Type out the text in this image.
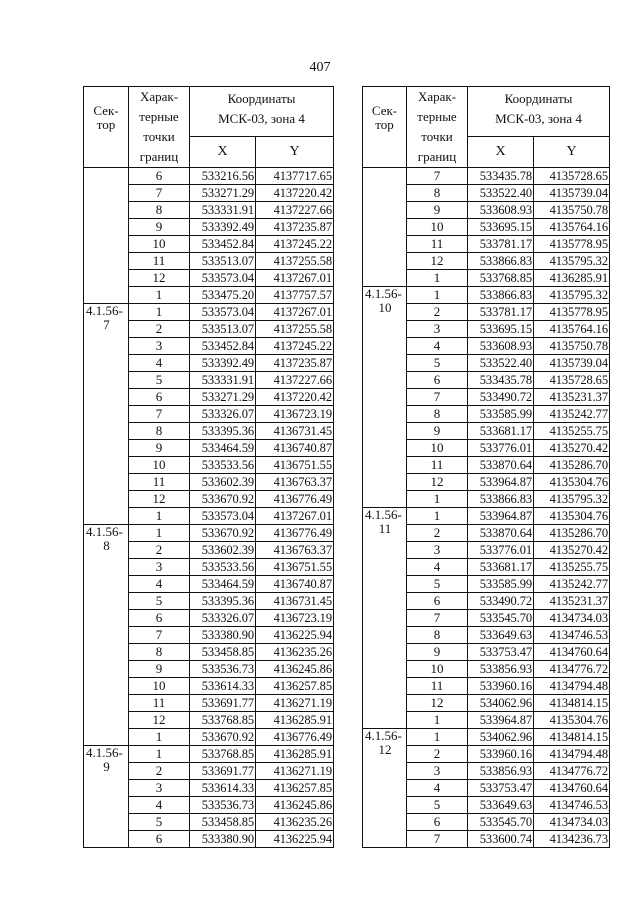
407
Сек-
тор	Харак-
терные
точки
границ	Координаты
МСК-03, зона 4	
		X	Y
	6	533216.56	4137717.65
	7	533271.29	4137220.42
	8	533331.91	4137227.66
	9	533392.49	4137235.87
	10	533452.84	4137245.22
	11	533513.07	4137255.58
	12	533573.04	4137267.01
	1	533475.20	4137757.57
4.1.56-
7	1	533573.04	4137267.01
	2	533513.07	4137255.58
	3	533452.84	4137245.22
	4	533392.49	4137235.87
	5	533331.91	4137227.66
	6	533271.29	4137220.42
	7	533326.07	4136723.19
	8	533395.36	4136731.45
	9	533464.59	4136740.87
	10	533533.56	4136751.55
	11	533602.39	4136763.37
	12	533670.92	4136776.49
	1	533573.04	4137267.01
4.1.56-
8	1	533670.92	4136776.49
	2	533602.39	4136763.37
	3	533533.56	4136751.55
	4	533464.59	4136740.87
	5	533395.36	4136731.45
	6	533326.07	4136723.19
	7	533380.90	4136225.94
	8	533458.85	4136235.26
	9	533536.73	4136245.86
	10	533614.33	4136257.85
	11	533691.77	4136271.19
	12	533768.85	4136285.91
	1	533670.92	4136776.49
4.1.56-
9	1	533768.85	4136285.91
	2	533691.77	4136271.19
	3	533614.33	4136257.85
	4	533536.73	4136245.86
	5	533458.85	4136235.26
	6	533380.90	4136225.94
Сек-
тор	Харак-
терные
точки
границ	Координаты
МСК-03, зона 4	
		X	Y
	7	533435.78	4135728.65
	8	533522.40	4135739.04
	9	533608.93	4135750.78
	10	533695.15	4135764.16
	11	533781.17	4135778.95
	12	533866.83	4135795.32
	1	533768.85	4136285.91
4.1.56-
10	1	533866.83	4135795.32
	2	533781.17	4135778.95
	3	533695.15	4135764.16
	4	533608.93	4135750.78
	5	533522.40	4135739.04
	6	533435.78	4135728.65
	7	533490.72	4135231.37
	8	533585.99	4135242.77
	9	533681.17	4135255.75
	10	533776.01	4135270.42
	11	533870.64	4135286.70
	12	533964.87	4135304.76
	1	533866.83	4135795.32
4.1.56-
11	1	533964.87	4135304.76
	2	533870.64	4135286.70
	3	533776.01	4135270.42
	4	533681.17	4135255.75
	5	533585.99	4135242.77
	6	533490.72	4135231.37
	7	533545.70	4134734.03
	8	533649.63	4134746.53
	9	533753.47	4134760.64
	10	533856.93	4134776.72
	11	533960.16	4134794.48
	12	534062.96	4134814.15
	1	533964.87	4135304.76
4.1.56-
12	1	534062.96	4134814.15
	2	533960.16	4134794.48
	3	533856.93	4134776.72
	4	533753.47	4134760.64
	5	533649.63	4134746.53
	6	533545.70	4134734.03
	7	533600.74	4134236.73
